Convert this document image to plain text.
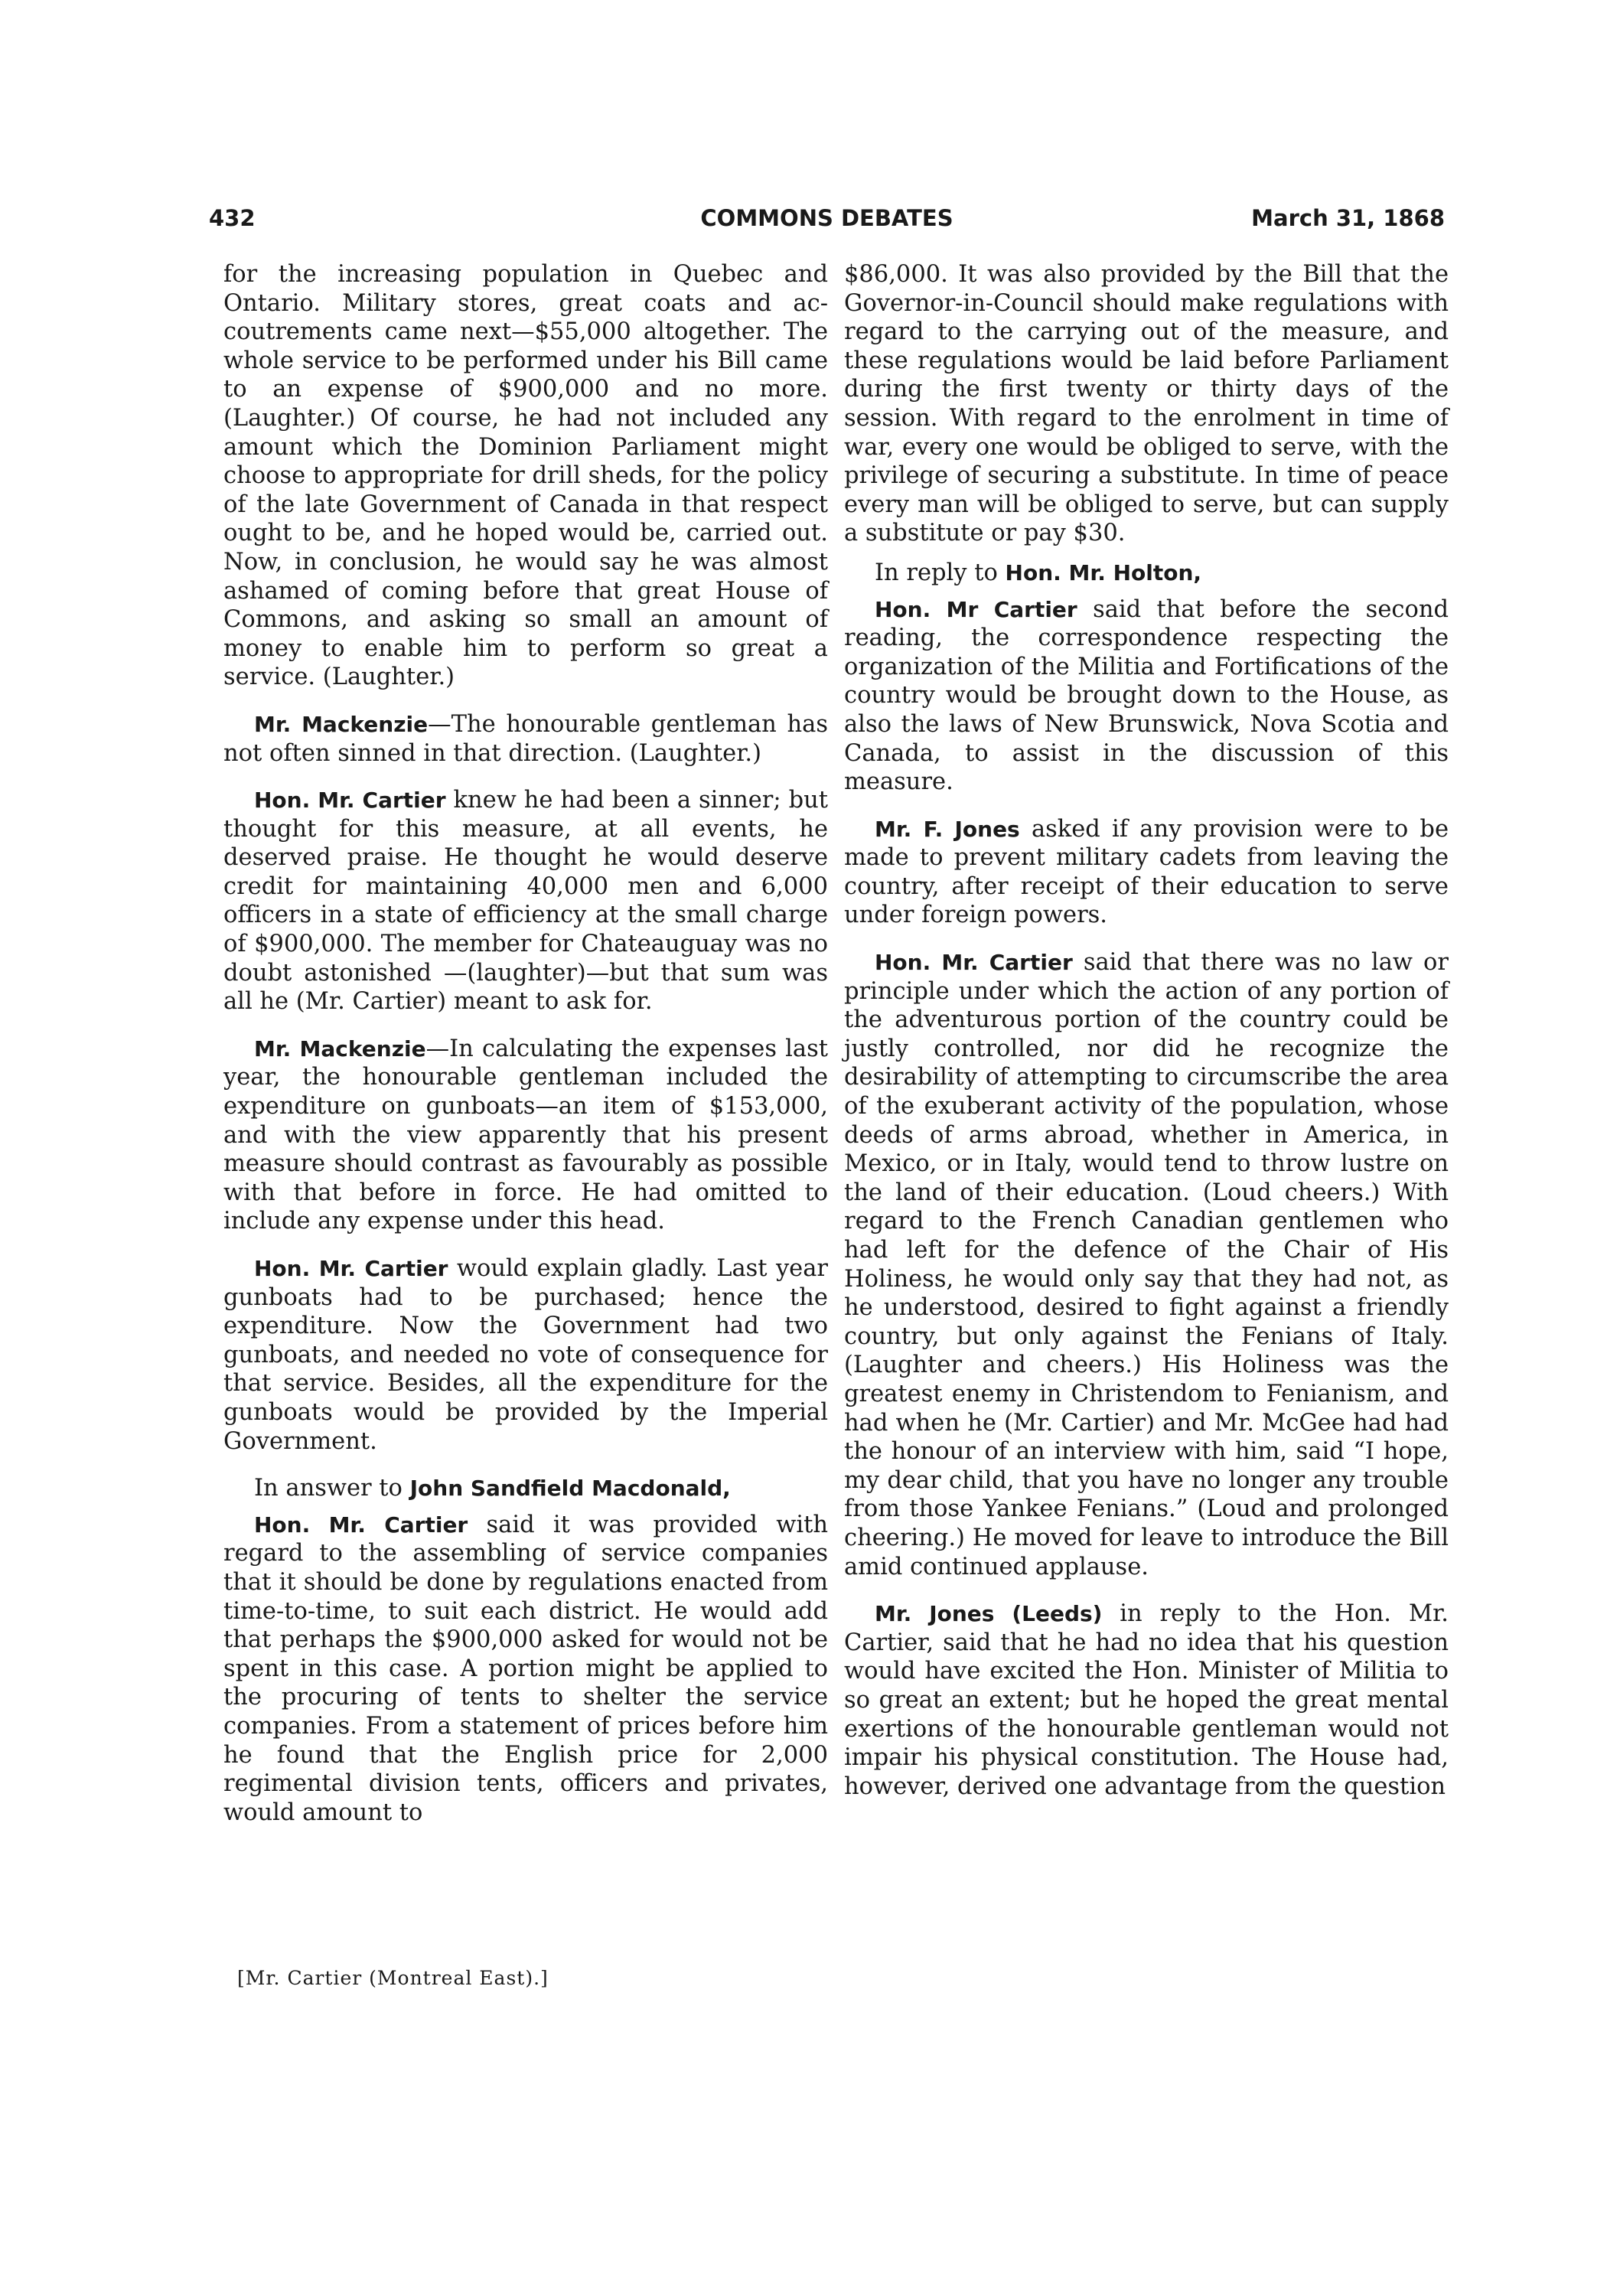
432	COMMONS DEBATES	March 31, 1868

for the increasing population in Quebec and Ontario. Military stores, great coats and accoutrements came next—$55,000 altogether. The whole service to be performed under his Bill came to an expense of $900,000 and no more. (Laughter.) Of course, he had not included any amount which the Dominion Parliament might choose to appropriate for drill sheds, for the policy of the late Government of Canada in that respect ought to be, and he hoped would be, carried out. Now, in conclusion, he would say he was almost ashamed of coming before that great House of Commons, and asking so small an amount of money to enable him to perform so great a service. (Laughter.)

Mr. Mackenzie—The honourable gentleman has not often sinned in that direction. (Laughter.)

Hon. Mr. Cartier knew he had been a sinner; but thought for this measure, at all events, he deserved praise. He thought he would deserve credit for maintaining 40,000 men and 6,000 officers in a state of efficiency at the small charge of $900,000. The member for Chateauguay was no doubt astonished —(laughter)—but that sum was all he (Mr. Cartier) meant to ask for.

Mr. Mackenzie—In calculating the expenses last year, the honourable gentleman included the expenditure on gunboats—an item of $153,000, and with the view apparently that his present measure should contrast as favourably as possible with that before in force. He had omitted to include any expense under this head.

Hon. Mr. Cartier would explain gladly. Last year gunboats had to be purchased; hence the expenditure. Now the Government had two gunboats, and needed no vote of consequence for that service. Besides, all the expenditure for the gunboats would be provided by the Imperial Government.

In answer to John Sandfield Macdonald,

Hon. Mr. Cartier said it was provided with regard to the assembling of service companies that it should be done by regulations enacted from time-to-time, to suit each district. He would add that perhaps the $900,000 asked for would not be spent in this case. A portion might be applied to the procuring of tents to shelter the service companies. From a statement of prices before him he found that the English price for 2,000 regimental division tents, officers and privates, would amount to

$86,000. It was also provided by the Bill that the Governor-in-Council should make regulations with regard to the carrying out of the measure, and these regulations would be laid before Parliament during the first twenty or thirty days of the session. With regard to the enrolment in time of war, every one would be obliged to serve, with the privilege of securing a substitute. In time of peace every man will be obliged to serve, but can supply a substitute or pay $30.

In reply to Hon. Mr. Holton,

Hon. Mr Cartier said that before the second reading, the correspondence respecting the organization of the Militia and Fortifications of the country would be brought down to the House, as also the laws of New Brunswick, Nova Scotia and Canada, to assist in the discussion of this measure.

Mr. F. Jones asked if any provision were to be made to prevent military cadets from leaving the country, after receipt of their education to serve under foreign powers.

Hon. Mr. Cartier said that there was no law or principle under which the action of any portion of the adventurous portion of the country could be justly controlled, nor did he recognize the desirability of attempting to circumscribe the area of the exuberant activity of the population, whose deeds of arms abroad, whether in America, in Mexico, or in Italy, would tend to throw lustre on the land of their education. (Loud cheers.) With regard to the French Canadian gentlemen who had left for the defence of the Chair of His Holiness, he would only say that they had not, as he understood, desired to fight against a friendly country, but only against the Fenians of Italy. (Laughter and cheers.) His Holiness was the greatest enemy in Christendom to Fenianism, and had when he (Mr. Cartier) and Mr. McGee had had the honour of an interview with him, said “I hope, my dear child, that you have no longer any trouble from those Yankee Fenians.” (Loud and prolonged cheering.) He moved for leave to introduce the Bill amid continued applause.

Mr. Jones (Leeds) in reply to the Hon. Mr. Cartier, said that he had no idea that his question would have excited the Hon. Minister of Militia to so great an extent; but he hoped the great mental exertions of the honourable gentleman would not impair his physical constitution. The House had, however, derived one advantage from the question

[Mr. Cartier (Montreal East).]
